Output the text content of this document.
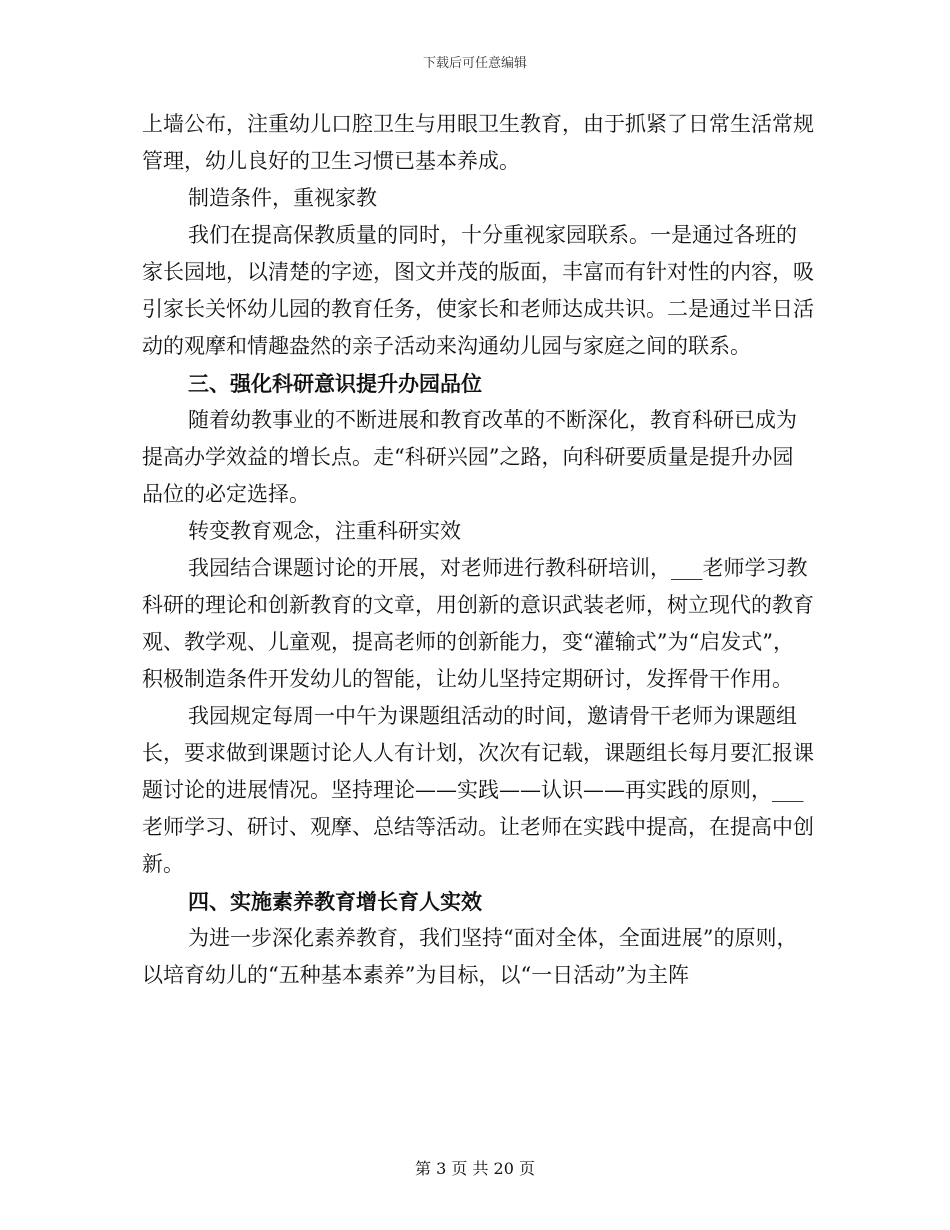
下载后可任意编辑

上墙公布，注重幼儿口腔卫生与用眼卫生教育，由于抓紧了日常生活常规管理，幼儿良好的卫生习惯已基本养成。

制造条件，重视家教

我们在提高保教质量的同时，十分重视家园联系。一是通过各班的家长园地，以清楚的字迹，图文并茂的版面，丰富而有针对性的内容，吸引家长关怀幼儿园的教育任务，使家长和老师达成共识。二是通过半日活动的观摩和情趣盎然的亲子活动来沟通幼儿园与家庭之间的联系。

三、强化科研意识提升办园品位

随着幼教事业的不断进展和教育改革的不断深化，教育科研已成为提高办学效益的增长点。走“科研兴园”之路，向科研要质量是提升办园品位的必定选择。

转变教育观念，注重科研实效

我园结合课题讨论的开展，对老师进行教科研培训，___老师学习教科研的理论和创新教育的文章，用创新的意识武装老师，树立现代的教育观、教学观、儿童观，提高老师的创新能力，变“灌输式”为“启发式”，积极制造条件开发幼儿的智能，让幼儿坚持定期研讨，发挥骨干作用。

我园规定每周一中午为课题组活动的时间，邀请骨干老师为课题组长，要求做到课题讨论人人有计划，次次有记载，课题组长每月要汇报课题讨论的进展情况。坚持理论——实践——认识——再实践的原则，___老师学习、研讨、观摩、总结等活动。让老师在实践中提高，在提高中创新。

四、实施素养教育增长育人实效

为进一步深化素养教育，我们坚持“面对全体，全面进展”的原则，以培育幼儿的“五种基本素养”为目标，以“一日活动”为主阵

第 3 页 共 20 页
